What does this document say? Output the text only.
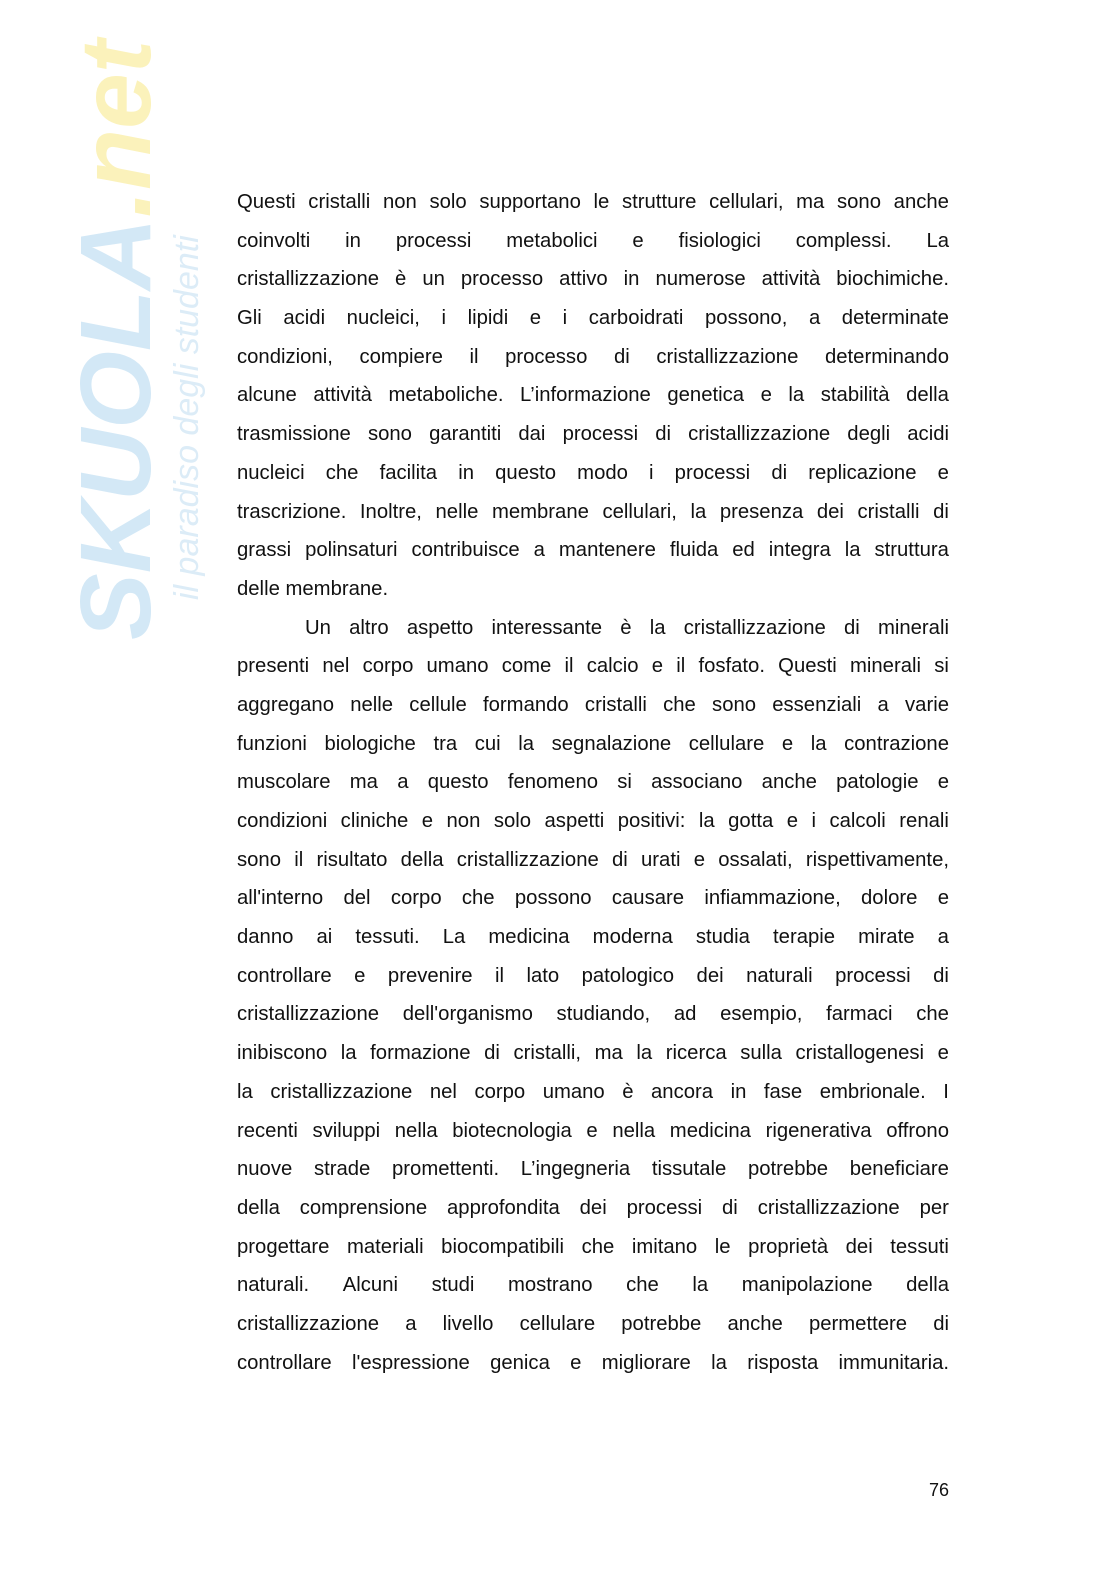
SKUOLA.net
il paradiso degli studenti
Questi cristalli non solo supportano le strutture cellulari, ma sono anche
coinvolti in processi metabolici e fisiologici complessi. La
cristallizzazione è un processo attivo in numerose attività biochimiche.
Gli acidi nucleici, i lipidi e i carboidrati possono, a determinate
condizioni, compiere il processo di cristallizzazione determinando
alcune attività metaboliche. L’informazione genetica e la stabilità della
trasmissione sono garantiti dai processi di cristallizzazione degli acidi
nucleici che facilita in questo modo i processi di replicazione e
trascrizione. Inoltre, nelle membrane cellulari, la presenza dei cristalli di
grassi polinsaturi contribuisce a mantenere fluida ed integra la struttura
delle membrane.
Un altro aspetto interessante è la cristallizzazione di minerali
presenti nel corpo umano come il calcio e il fosfato. Questi minerali si
aggregano nelle cellule formando cristalli che sono essenziali a varie
funzioni biologiche tra cui la segnalazione cellulare e la contrazione
muscolare ma a questo fenomeno si associano anche patologie e
condizioni cliniche e non solo aspetti positivi: la gotta e i calcoli renali
sono il risultato della cristallizzazione di urati e ossalati, rispettivamente,
all'interno del corpo che possono causare infiammazione, dolore e
danno ai tessuti. La medicina moderna studia terapie mirate a
controllare e prevenire il lato patologico dei naturali processi di
cristallizzazione dell'organismo studiando, ad esempio, farmaci che
inibiscono la formazione di cristalli, ma la ricerca sulla cristallogenesi e
la cristallizzazione nel corpo umano è ancora in fase embrionale. I
recenti sviluppi nella biotecnologia e nella medicina rigenerativa offrono
nuove strade promettenti. L’ingegneria tissutale potrebbe beneficiare
della comprensione approfondita dei processi di cristallizzazione per
progettare materiali biocompatibili che imitano le proprietà dei tessuti
naturali. Alcuni studi mostrano che la manipolazione della
cristallizzazione a livello cellulare potrebbe anche permettere di
controllare l'espressione genica e migliorare la risposta immunitaria.
76
